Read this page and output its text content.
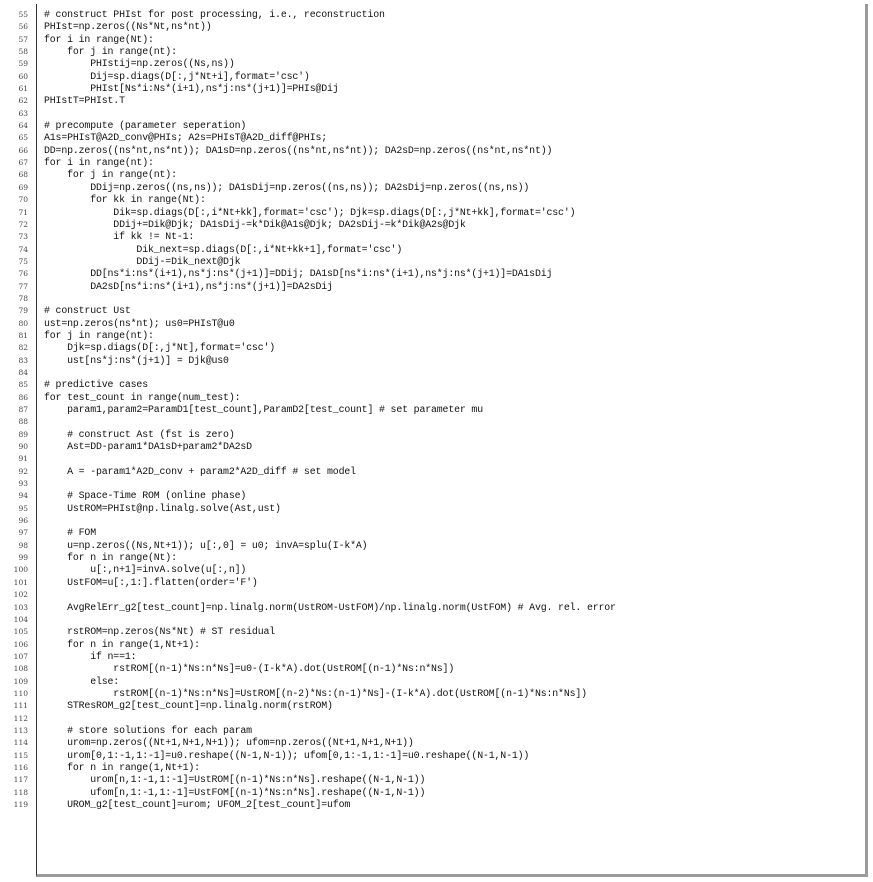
55 # construct PHIst for post processing, i.e., reconstruction
56 PHIst=np.zeros((Ns*Nt,ns*nt))
57 for i in range(Nt):
58 for j in range(nt):
59 PHIstij=np.zeros((Ns,ns))
60 Dij=sp.diags(D[:,j*Nt+i],format='csc')
61 PHIst[Ns*i:Ns*(i+1),ns*j:ns*(j+1)]=PHIs@Dij
62 PHIstT=PHIst.T
63
64 # precompute (parameter seperation)
65 A1s=PHIsT@A2D_conv@PHIs; A2s=PHIsT@A2D_diff@PHIs;
66 DD=np.zeros((ns*nt,ns*nt)); DA1sD=np.zeros((ns*nt,ns*nt)); DA2sD=np.zeros((ns*nt,ns*nt))
67 for i in range(nt):
68 for j in range(nt):
69 DDij=np.zeros((ns,ns)); DA1sDij=np.zeros((ns,ns)); DA2sDij=np.zeros((ns,ns))
70 for kk in range(Nt):
71 Dik=sp.diags(D[:,i*Nt+kk],format='csc'); Djk=sp.diags(D[:,j*Nt+kk],format='csc')
72 DDij+=Dik@Djk; DA1sDij-=k*Dik@A1s@Djk; DA2sDij-=k*Dik@A2s@Djk
73 if kk != Nt-1:
74 Dik_next=sp.diags(D[:,i*Nt+kk+1],format='csc')
75 DDij-=Dik_next@Djk
76 DD[ns*i:ns*(i+1),ns*j:ns*(j+1)]=DDij; DA1sD[ns*i:ns*(i+1),ns*j:ns*(j+1)]=DA1sDij
77 DA2sD[ns*i:ns*(i+1),ns*j:ns*(j+1)]=DA2sDij
78
79 # construct Ust
80 ust=np.zeros(ns*nt); us0=PHIsT@u0
81 for j in range(nt):
82 Djk=sp.diags(D[:,j*Nt],format='csc')
83 ust[ns*j:ns*(j+1)] = Djk@us0
84
85 # predictive cases
86 for test_count in range(num_test):
87 param1,param2=ParamD1[test_count],ParamD2[test_count] # set parameter mu
88
89 # construct Ast (fst is zero)
90 Ast=DD-param1*DA1sD+param2*DA2sD
91
92 A = -param1*A2D_conv + param2*A2D_diff # set model
93
94 # Space-Time ROM (online phase)
95 UstROM=PHIst@np.linalg.solve(Ast,ust)
96
97 # FOM
98 u=np.zeros((Ns,Nt+1)); u[:,0] = u0; invA=splu(I-k*A)
99 for n in range(Nt):
100 u[:,n+1]=invA.solve(u[:,n])
101 UstFOM=u[:,1:].flatten(order='F')
102
103 AvgRelErr_g2[test_count]=np.linalg.norm(UstROM-UstFOM)/np.linalg.norm(UstFOM) # Avg. rel. error
104
105 rstROM=np.zeros(Ns*Nt) # ST residual
106 for n in range(1,Nt+1):
107 if n==1:
108 rstROM[(n-1)*Ns:n*Ns]=u0-(I-k*A).dot(UstROM[(n-1)*Ns:n*Ns])
109 else:
110 rstROM[(n-1)*Ns:n*Ns]=UstROM[(n-2)*Ns:(n-1)*Ns]-(I-k*A).dot(UstROM[(n-1)*Ns:n*Ns])
111 STResROM_g2[test_count]=np.linalg.norm(rstROM)
112
113 # store solutions for each param
114 urom=np.zeros((Nt+1,N+1,N+1)); ufom=np.zeros((Nt+1,N+1,N+1))
115 urom[0,1:-1,1:-1]=u0.reshape((N-1,N-1)); ufom[0,1:-1,1:-1]=u0.reshape((N-1,N-1))
116 for n in range(1,Nt+1):
117 urom[n,1:-1,1:-1]=UstROM[(n-1)*Ns:n*Ns].reshape((N-1,N-1))
118 ufom[n,1:-1,1:-1]=UstFOM[(n-1)*Ns:n*Ns].reshape((N-1,N-1))
119 UROM_g2[test_count]=urom; UFOM_2[test_count]=ufom
